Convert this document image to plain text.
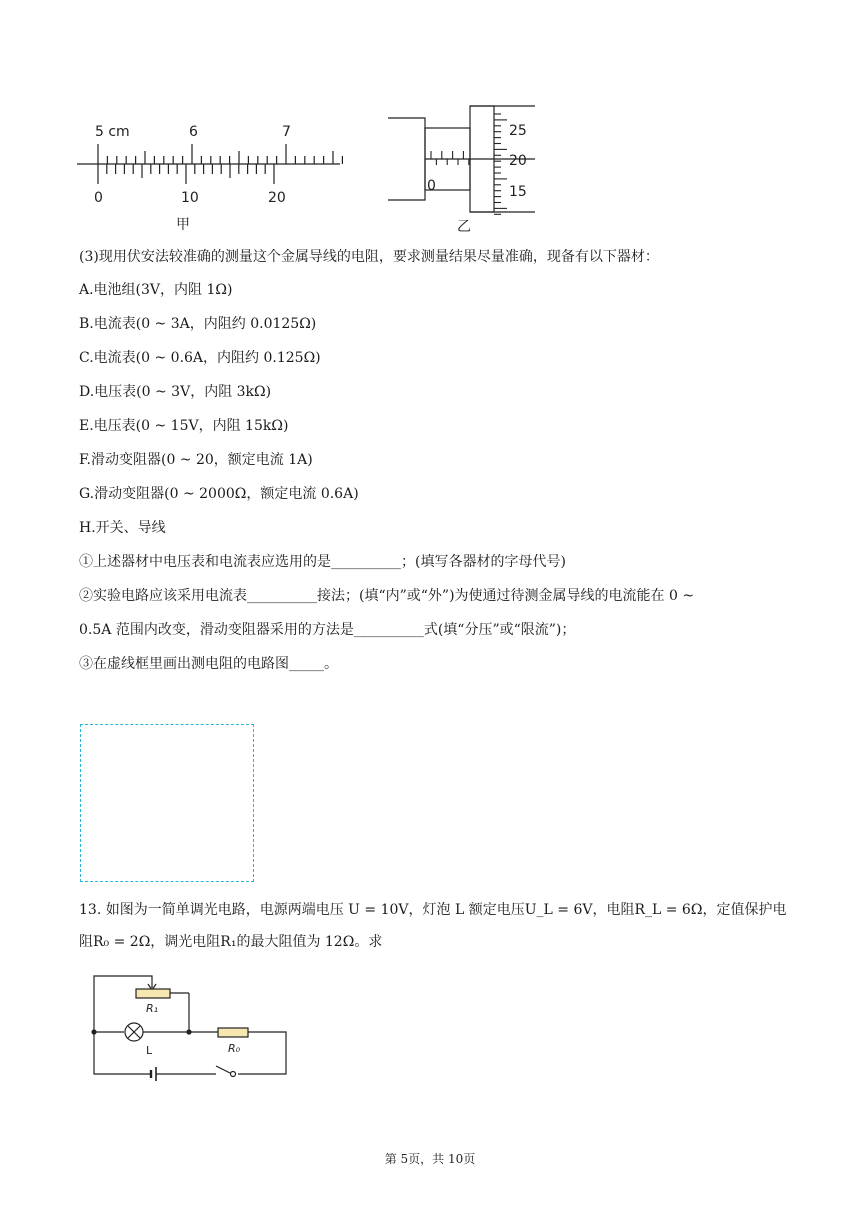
5 cm	6	7
0	10	20
甲
0
25
20
15
乙
(3)现用伏安法较准确的测量这个金属导线的电阻，要求测量结果尽量准确，现备有以下器材：
A.电池组(3V，内阻 1Ω)
B.电流表(0 ~ 3A，内阻约 0.0125Ω)
C.电流表(0 ~ 0.6A，内阻约 0.125Ω)
D.电压表(0 ~ 3V，内阻 3kΩ)
E.电压表(0 ~ 15V，内阻 15kΩ)
F.滑动变阻器(0 ~ 20，额定电流 1A)
G.滑动变阻器(0 ~ 2000Ω，额定电流 0.6A)
H.开关、导线
①上述器材中电压表和电流表应选用的是__________；(填写各器材的字母代号)
②实验电路应该采用电流表__________接法；(填“内”或“外”)为使通过待测金属导线的电流能在 0 ~
0.5A 范围内改变，滑动变阻器采用的方法是__________式(填“分压”或“限流”)；
③在虚线框里画出测电阻的电路图_____。
13. 如图为一简单调光电路，电源两端电压 U = 10V，灯泡 L 额定电压U_L = 6V，电阻R_L = 6Ω，定值保护电
阻R₀ = 2Ω，调光电阻R₁的最大阻值为 12Ω。求
R₁
L	R₀
第 5页，共 10页
